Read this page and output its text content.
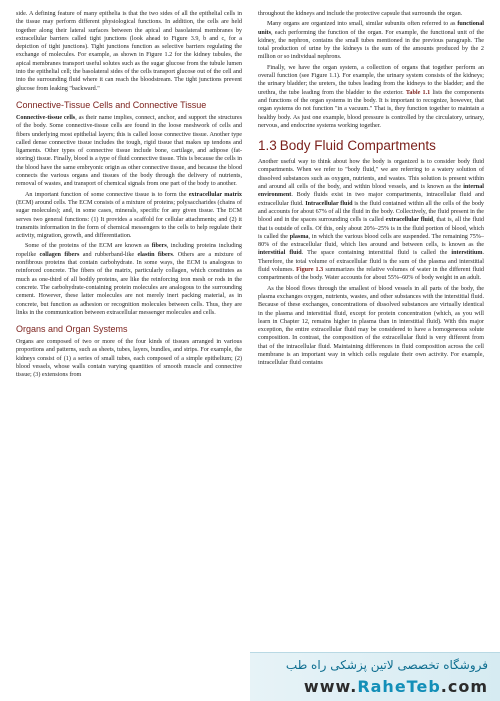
side. A defining feature of many epithelia is that the two sides of all the epithelial cells in the tissue may perform different physiological functions. In addition, the cells are held together along their lateral surfaces between the apical and basolateral membranes by extracellular barriers called tight junctions (look ahead to Figure 3.9, b and c, for a depiction of tight junctions). Tight junctions function as selective barriers regulating the exchange of molecules. For example, as shown in Figure 1.2 for the kidney tubules, the apical membranes transport useful solutes such as the sugar glucose from the tubule lumen into the epithelial cell; the basolateral sides of the cells transport glucose out of the cell and into the surrounding fluid where it can reach the bloodstream. The tight junctions prevent glucose from leaking "backward."

Connective-Tissue Cells and Connective Tissue

Connective-tissue cells, as their name implies, connect, anchor, and support the structures of the body. Some connective-tissue cells are found in the loose meshwork of cells and fibers underlying most epithelial layers; this is called loose connective tissue. Another type called dense connective tissue includes the tough, rigid tissue that makes up tendons and ligaments. Other types of connective tissue include bone, cartilage, and adipose (fat-storing) tissue. Finally, blood is a type of fluid connective tissue. This is because the cells in the blood have the same embryonic origin as other connective tissue, and because the blood connects the various organs and tissues of the body through the delivery of nutrients, removal of wastes, and transport of chemical signals from one part of the body to another.

An important function of some connective tissue is to form the extracellular matrix (ECM) around cells. The ECM consists of a mixture of proteins; polysaccharides (chains of sugar molecules); and, in some cases, minerals, specific for any given tissue. The ECM serves two general functions: (1) It provides a scaffold for cellular attachments; and (2) it transmits information in the form of chemical messengers to the cells to help regulate their activity, migration, growth, and differentiation.

Some of the proteins of the ECM are known as fibers, including proteins including ropelike collagen fibers and rubberband-like elastin fibers. Others are a mixture of nonfibrous proteins that contain carbohydrate. In some ways, the ECM is analogous to reinforced concrete. The fibers of the matrix, particularly collagen, which constitutes as much as one-third of all bodily proteins, are like the reinforcing iron mesh or rods in the concrete. The carbohydrate-containing protein molecules are analogous to the surrounding cement. However, these latter molecules are not merely inert packing material, as in concrete, but function as adhesion or recognition molecules between cells. Thus, they are links in the communication between extracellular messenger molecules and cells.

Organs and Organ Systems

Organs are composed of two or more of the four kinds of tissues arranged in various proportions and patterns, such as sheets, tubes, layers, bundles, and strips. For example, the kidneys consist of (1) a series of small tubes, each composed of a simple epithelium; (2) blood vessels, whose walls contain varying quantities of smooth muscle and connective tissue; (3) extensions from

throughout the kidneys and include the protective capsule that surrounds the organ.

Many organs are organized into small, similar subunits often referred to as functional units, each performing the function of the organ. For example, the functional unit of the kidney, the nephron, contains the small tubes mentioned in the previous paragraph. The total production of urine by the kidneys is the sum of the amounts produced by the 2 million or so individual nephrons.

Finally, we have the organ system, a collection of organs that together perform an overall function (see Figure 1.1). For example, the urinary system consists of the kidneys; the urinary bladder; the ureters, the tubes leading from the kidneys to the bladder; and the urethra, the tube leading from the bladder to the exterior. Table 1.1 lists the components and functions of the organ systems in the body. It is important to recognize, however, that organ systems do not function "in a vacuum." That is, they function together to maintain a healthy body. As just one example, blood pressure is controlled by the circulatory, urinary, nervous, and endocrine systems working together.

1.3 Body Fluid Compartments

Another useful way to think about how the body is organized is to consider body fluid compartments. When we refer to "body fluid," we are referring to a watery solution of dissolved substances such as oxygen, nutrients, and wastes. This solution is present within and around all cells of the body, and within blood vessels, and is known as the internal environment. Body fluids exist in two major compartments, intracellular fluid and extracellular fluid. Intracellular fluid is the fluid contained within all the cells of the body and accounts for about 67% of all the fluid in the body. Collectively, the fluid present in the blood and in the spaces surrounding cells is called extracellular fluid, that is, all the fluid that is outside of cells. Of this, only about 20%–25% is in the fluid portion of blood, which is called the plasma, in which the various blood cells are suspended. The remaining 75%–80% of the extracellular fluid, which lies around and between cells, is known as the interstitial fluid. The space containing interstitial fluid is called the interstitium. Therefore, the total volume of extracellular fluid is the sum of the plasma and interstitial fluid volumes. Figure 1.3 summarizes the relative volumes of water in the different fluid compartments of the body. Water accounts for about 55%–60% of body weight in an adult.

As the blood flows through the smallest of blood vessels in all parts of the body, the plasma exchanges oxygen, nutrients, wastes, and other substances with the interstitial fluid. Because of these exchanges, concentrations of dissolved substances are virtually identical in the plasma and interstitial fluid, except for protein concentration (which, as you will learn in Chapter 12, remains higher in plasma than in interstitial fluid). With this major exception, the entire extracellular fluid may be considered to have a homogeneous solute composition. In contrast, the composition of the extracellular fluid is very different from that of the intracellular fluid. Maintaining differences in fluid composition across the cell membrane is an important way in which cells regulate their own activity. For example, intracellular fluid contains

فروشگاه تخصصی لاتین پزشکی راه طب
www.RaheTeb.com
